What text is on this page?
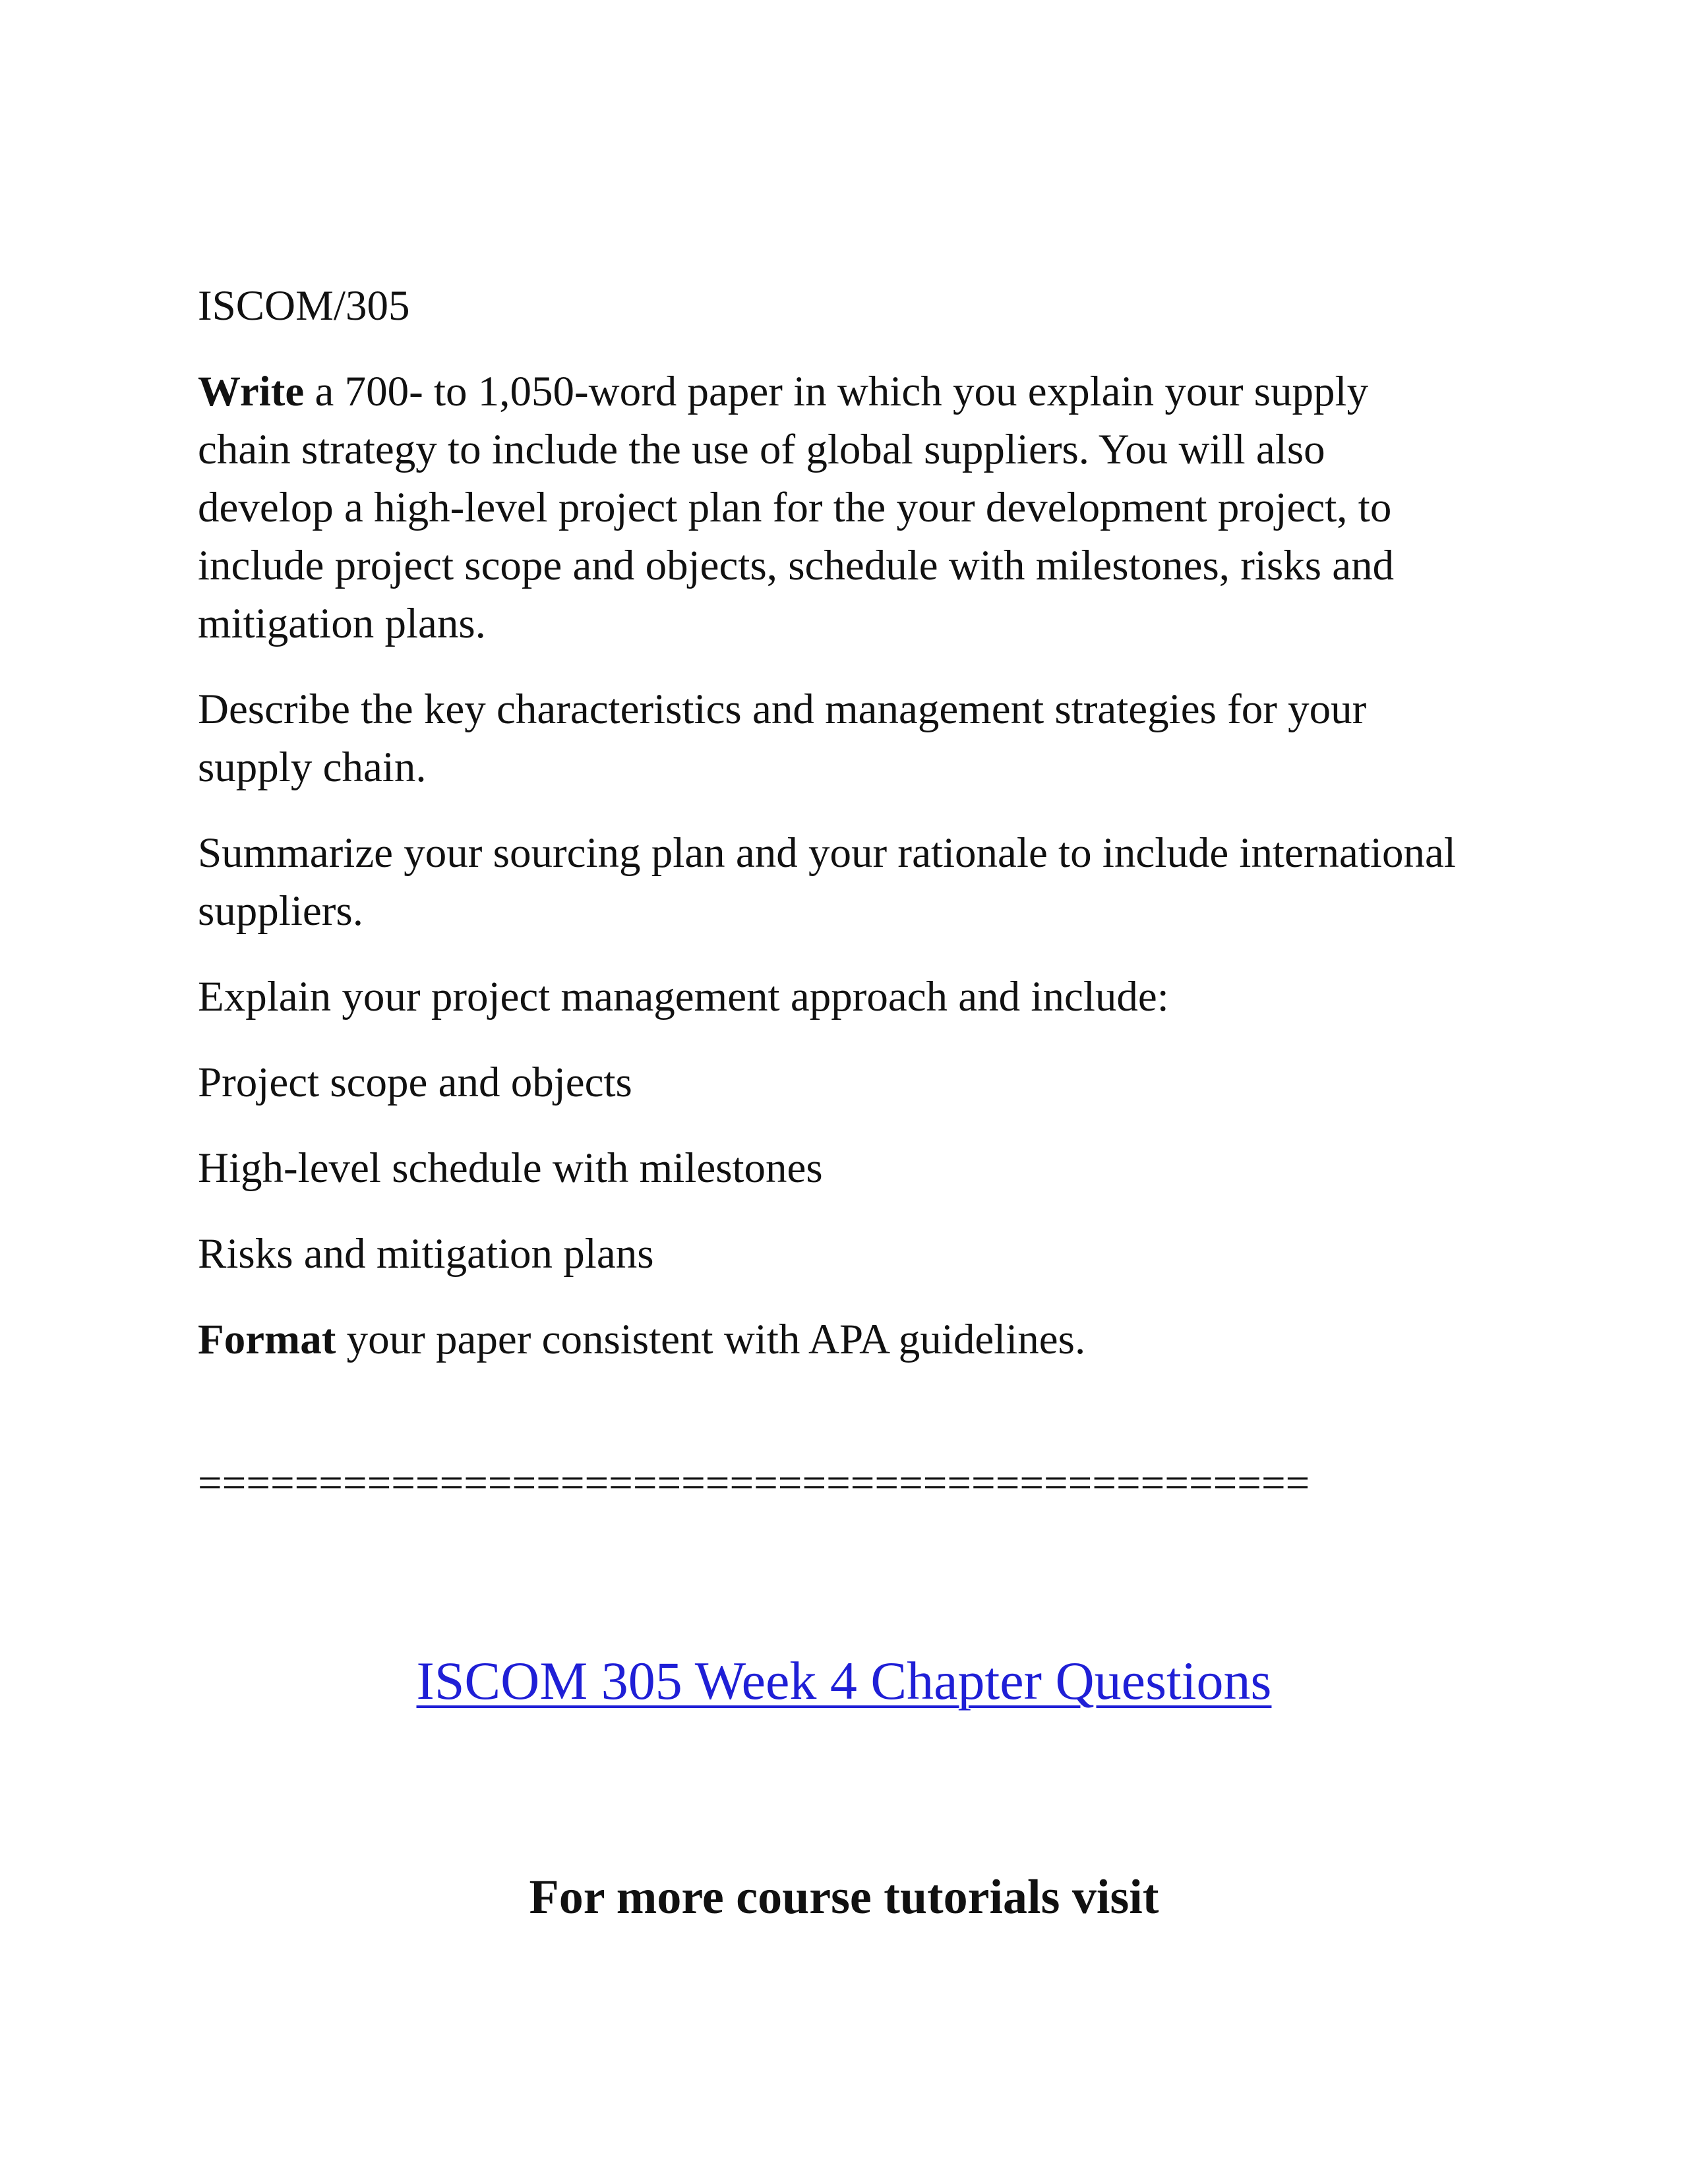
ISCOM/305

Write a 700- to 1,050-word paper in which you explain your supply chain strategy to include the use of global suppliers. You will also develop a high-level project plan for the your development project, to include project scope and objects, schedule with milestones, risks and mitigation plans.

Describe the key characteristics and management strategies for your supply chain.

Summarize your sourcing plan and your rationale to include international suppliers.

Explain your project management approach and include:

Project scope and objects

High-level schedule with milestones

Risks and mitigation plans

Format your paper consistent with APA guidelines.

==============================================
ISCOM 305 Week 4 Chapter Questions
For more course tutorials visit
